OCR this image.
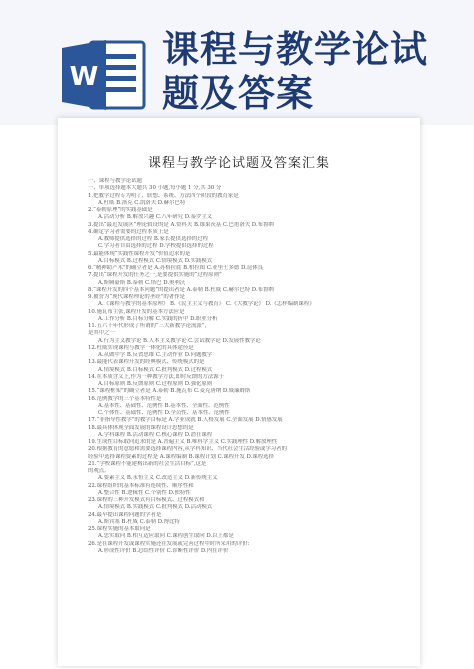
W
课程与教学论试题及答案
课程与教学论试题及答案汇集
一、课程与教学论试题
一、单项选择题本大题共 30 小题,每小题 1 分,共 30 分
1.把教学过程专为明了、联想、系统、方法四个阶段的教育家是
A.杜威 B.洛克 C.凯洛夫 D.赫尔巴特
2.“泰勒原理”的实践基础是
A.活动分析 B.解放兴趣 C.八年研究 D.泰罗主义
3.提出“最近发展区”理论假设的是 A.赞科夫 B.维果茨基 C.巴甫洛夫 D.布鲁纳
4.确定学习者需要的过程本质上是
A.教师提供选择的过程 B.家长提供选择的过程
C.学习者自由选择的过程 D.学校提供选择的过程
5.最能体现“实践性课程开发”价值追求的是
A.目标模式 B.过程模式 C.情境模式 D.实践模式
6.“精神助产术”的确立者是 A.苏格拉底 B.柏拉图 C.亚里士多德 D.昆体良
7.提出“课程开发的任务之一,是要提供实施的“过程原则”
A.斯腾豪斯 B.泰勒 C.塔巴 D.奥利沃
8.“课程开发的四个基本问题”的提出者是 A.泰勒 B.杜威 C.赫尔巴特 D.布鲁纳
9.被誉为“现代课程理论的圣经”的著作是
A.《课程与教学的基本原理》 B.《民主主义与教育》 C.《大教学论》 D.《怎样编制课程》
10.施瓦布主张,课程开发的基本方法应是
A.工作分析 B.目标分解 C.实践的折中 D.职业分析
11.五六十年代形成了所谓的“三大新教学论流派”,
是其中之一
A.行为主义教学论 B.人本主义教学论 C.尝试教学论 D.发展性教学论
12.杜威实现课程与教学一体化的具体途径是
A.从做中学 B.反省思维 C.主动作业 D.问题教学
13.最能代表课程开发的经典模式、传统模式的是
A.情境模式 B.目标模式 C.批判模式 D.过程模式
14.在本质含义上,作为一种教学方法,即时反馈的方法源于
A.目标原则 B.反馈原则 C.过程原则 D.强化原则
15.“课程框架”的确立者是 A.泰勒 B.施瓦布 C.麦克唐纳 D.威廉姆斯
16.范例教学的三个基本特性是
A.基本性、基础性、范例性 B.基本性、全面性、范例性
C.个体性、基础性、范例性 D.全员性、基本性、范例性
17.“非指导性教学”的教学目标是 A.学业成就 B.人格发展 C.全面发展 D.情感发展
18.最具体体现全面发展的课程设计思想的是
A.学科课程 B.活动课程 C.核心课程 D.潜在课程
19.生成性目标取向追求的是 A.普遍主义 B.唯科学主义 C.实践理性 D.解放理性
20.根据教育的意愿和需要选择课程内容,从学科知识、当代社会生活经验或学习者的
经验中选择课程要素的过程是 A.课程编制 B.课程计划 C.课程开发 D.课程选择
21.“学校课程不能建构出新的社会生活目标”,这是
的观点。
A.要素主义 B.永恒主义 C.改造主义 D.新传统主义
22.课程组织的基本标准有连续性、顺序性和
A.整合性 B.逻辑性 C.个别性 D.独特性
23.课程的三种开发模式有目标模式、过程模式和
A.情境模式 B.实践模式 C.批判模式 D.活动模式
24.最早提出课程问题的学者是
A.斯宾塞 B.杜威 C.泰勒 D.博比特
25.课程实施的基本取向是
A.忠实取向 B.相互适应取向 C.课程创生取向 D.以上都是
26.是在课程开发或课程实施还在发展或完善过程中时所采用的评价:
A.形成性评价 B.总结性评价 C.诊断性评价 D.内在评价
